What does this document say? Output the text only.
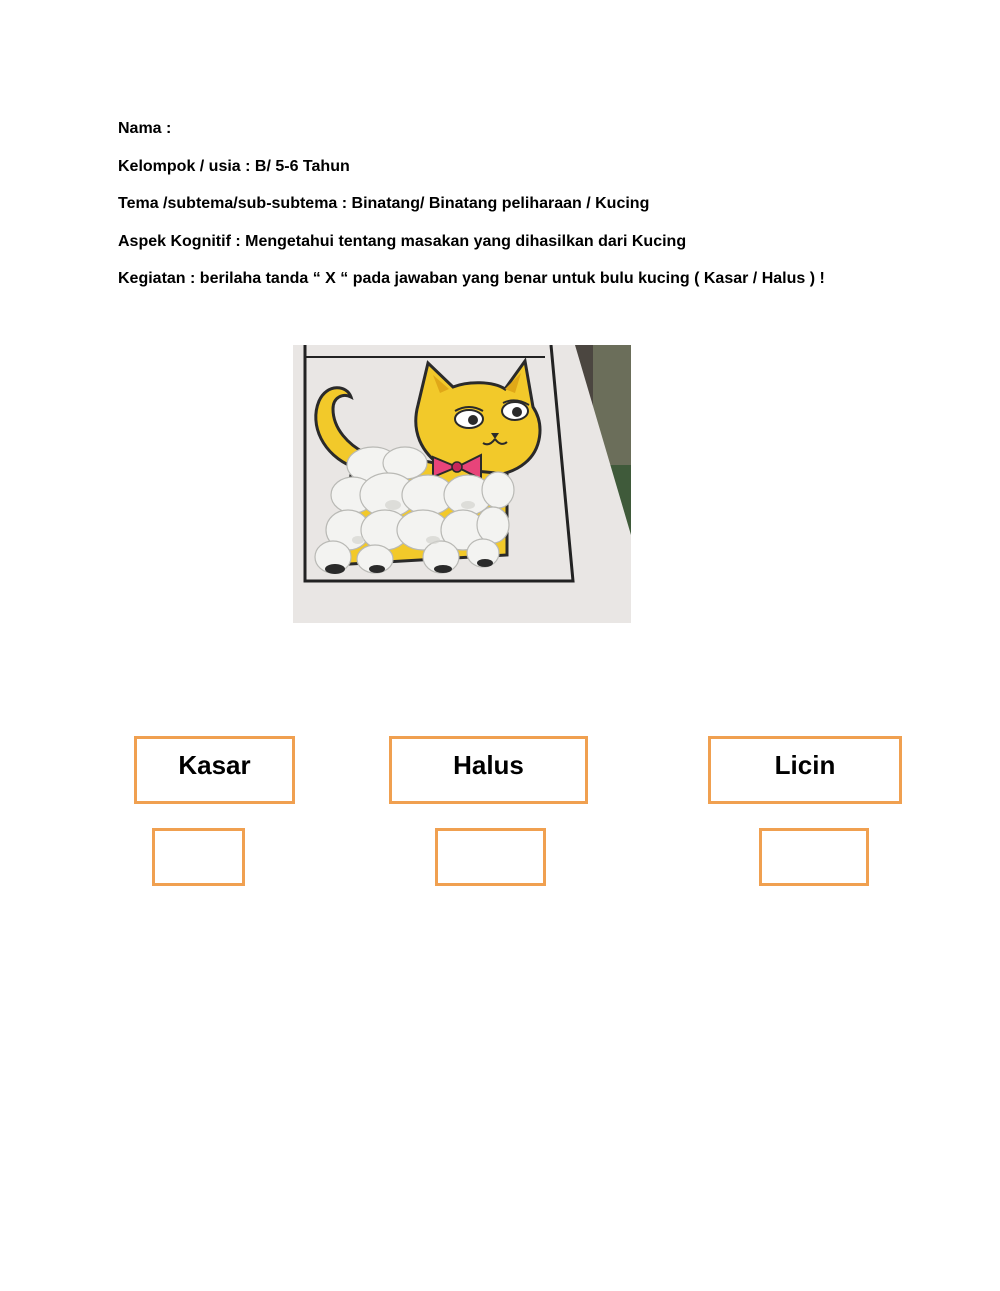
Nama :
Kelompok / usia : B/ 5-6 Tahun
Tema /subtema/sub-subtema : Binatang/ Binatang peliharaan / Kucing
Aspek Kognitif : Mengetahui tentang masakan yang dihasilkan dari Kucing
Kegiatan : berilaha tanda “ X “ pada jawaban yang benar untuk bulu kucing ( Kasar / Halus ) !
Kasar	Halus	Licin
